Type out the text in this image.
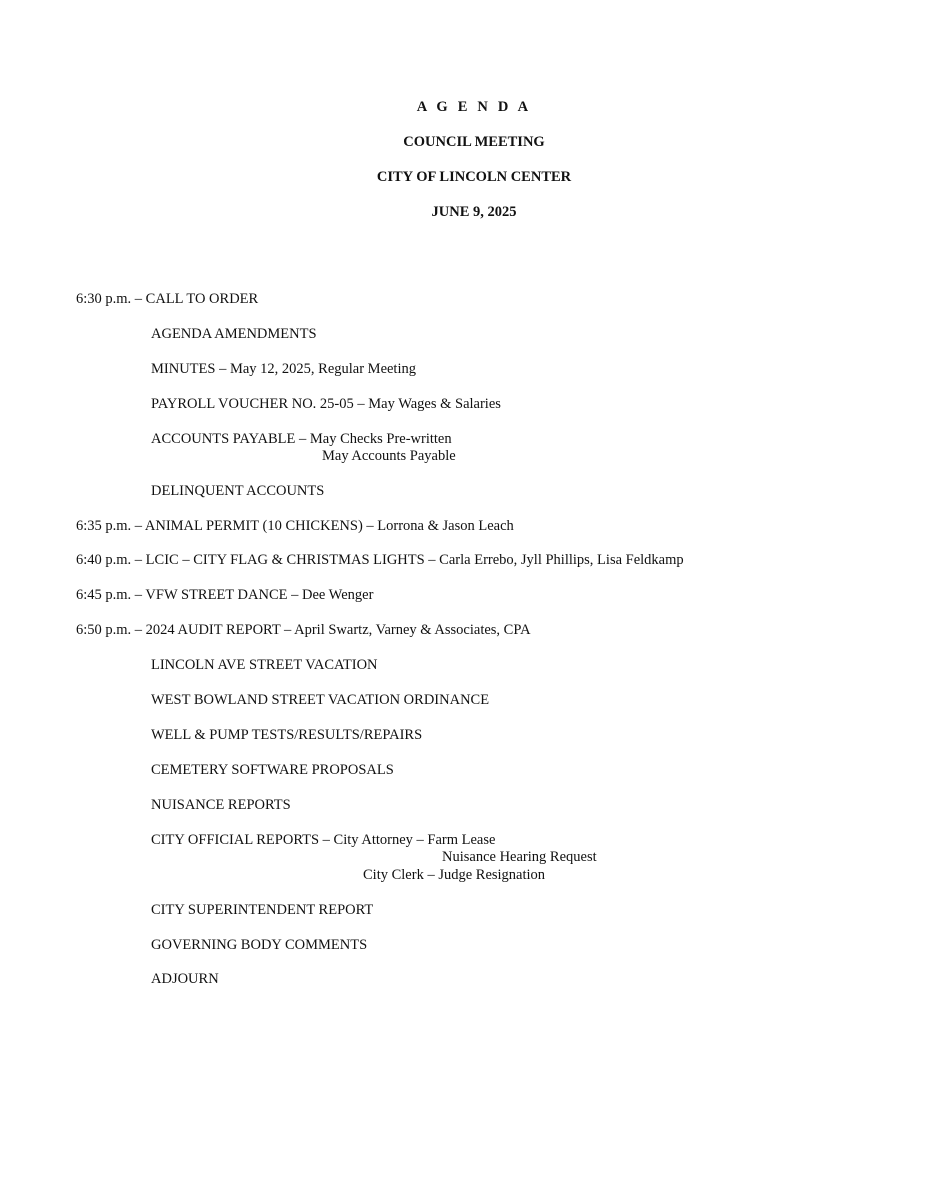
A G E N D A
COUNCIL MEETING
CITY OF LINCOLN CENTER
JUNE 9, 2025
6:30 p.m. – CALL TO ORDER
AGENDA AMENDMENTS
MINUTES – May 12, 2025, Regular Meeting
PAYROLL VOUCHER NO. 25-05 – May Wages & Salaries
ACCOUNTS PAYABLE – May Checks Pre-written
May Accounts Payable
DELINQUENT ACCOUNTS
6:35 p.m. – ANIMAL PERMIT (10 CHICKENS) – Lorrona & Jason Leach
6:40 p.m. – LCIC – CITY FLAG & CHRISTMAS LIGHTS – Carla Errebo, Jyll Phillips, Lisa Feldkamp
6:45 p.m. – VFW STREET DANCE – Dee Wenger
6:50 p.m. – 2024 AUDIT REPORT – April Swartz, Varney & Associates, CPA
LINCOLN AVE STREET VACATION
WEST BOWLAND STREET VACATION ORDINANCE
WELL & PUMP TESTS/RESULTS/REPAIRS
CEMETERY SOFTWARE PROPOSALS
NUISANCE REPORTS
CITY OFFICIAL REPORTS – City Attorney – Farm Lease
Nuisance Hearing Request
City Clerk – Judge Resignation
CITY SUPERINTENDENT REPORT
GOVERNING BODY COMMENTS
ADJOURN
